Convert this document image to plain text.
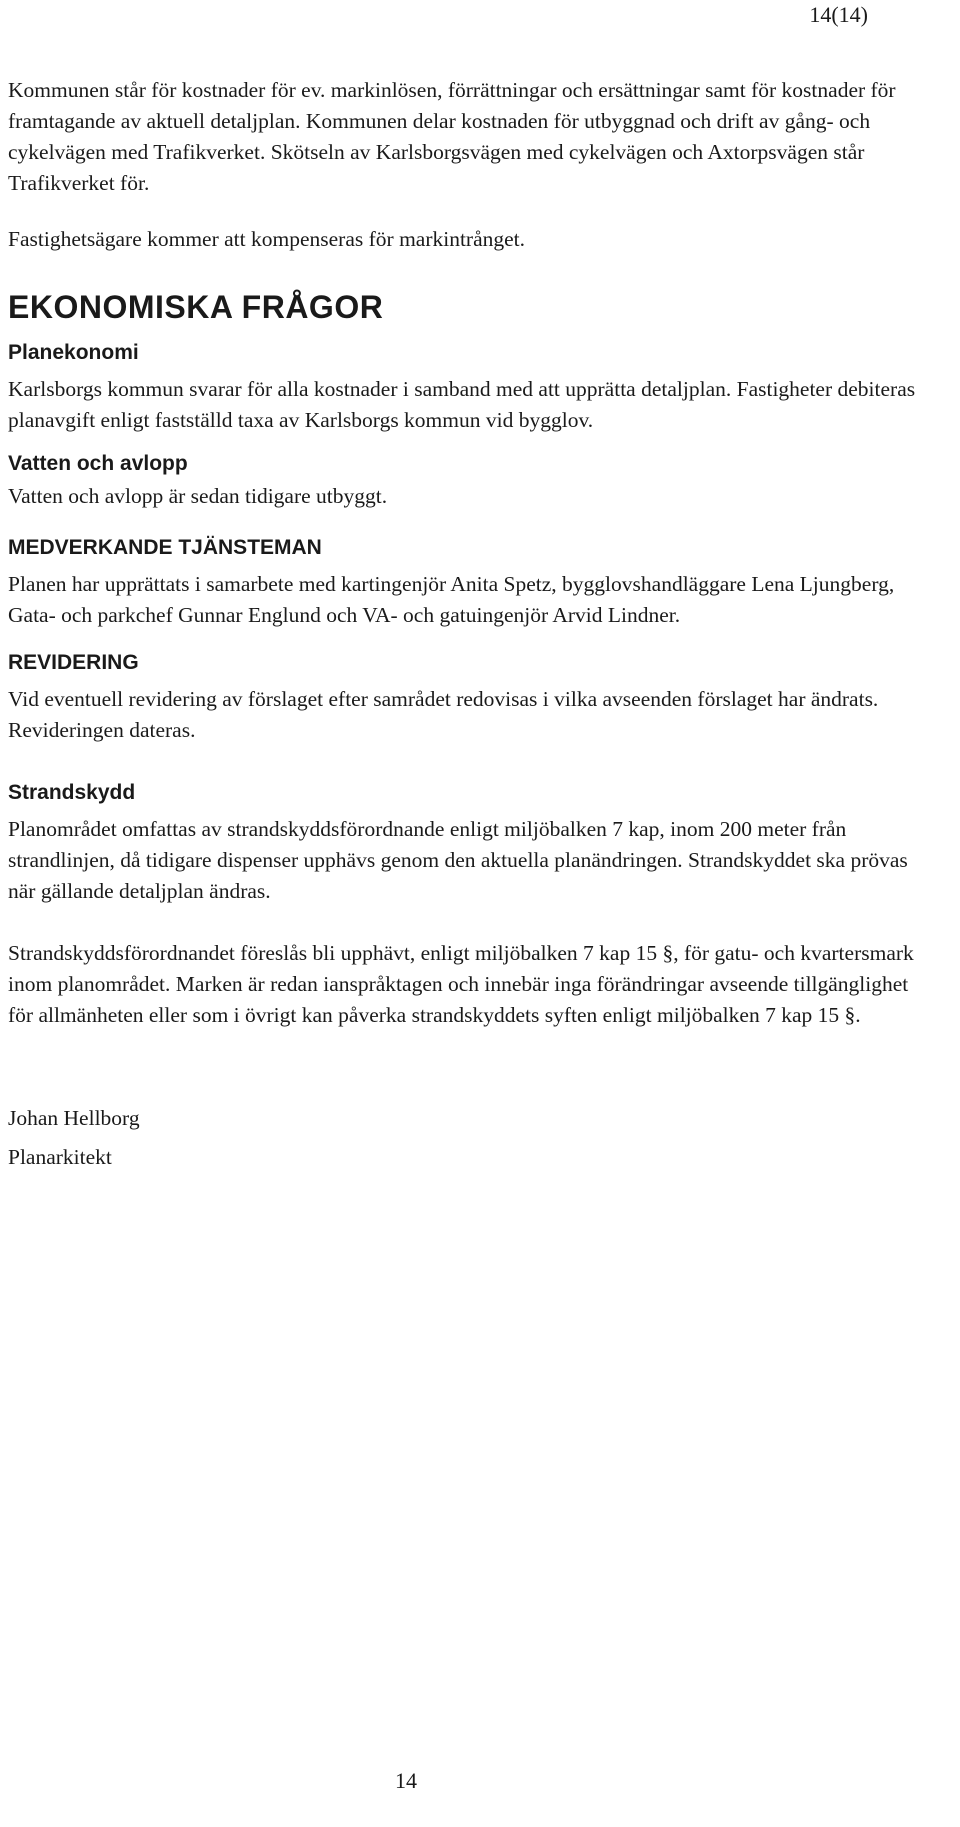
14(14)

Kommunen står för kostnader för ev. markinlösen, förrättningar och ersättningar samt för kostnader för framtagande av aktuell detaljplan. Kommunen delar kostnaden för utbyggnad och drift av gång- och cykelvägen med Trafikverket. Skötseln av Karlsborgsvägen med cykelvägen och Axtorpsvägen står Trafikverket för.

Fastighetsägare kommer att kompenseras för markintrånget.

EKONOMISKA FRÅGOR
Planekonomi

Karlsborgs kommun svarar för alla kostnader i samband med att upprätta detaljplan. Fastigheter debiteras planavgift enligt fastställd taxa av Karlsborgs kommun vid bygglov.

Vatten och avlopp

Vatten och avlopp är sedan tidigare utbyggt.

MEDVERKANDE TJÄNSTEMAN

Planen har upprättats i samarbete med kartingenjör Anita Spetz, bygglovshandläggare Lena Ljungberg, Gata- och parkchef Gunnar Englund och VA- och gatuingenjör Arvid Lindner.

REVIDERING

Vid eventuell revidering av förslaget efter samrådet redovisas i vilka avseenden förslaget har ändrats. Revideringen dateras.

Strandskydd

Planområdet omfattas av strandskyddsförordnande enligt miljöbalken 7 kap, inom 200 meter från strandlinjen, då tidigare dispenser upphävs genom den aktuella planändringen. Strandskyddet ska prövas när gällande detaljplan ändras.

Strandskyddsförordnandet föreslås bli upphävt, enligt miljöbalken 7 kap 15 §, för gatu- och kvartersmark inom planområdet. Marken är redan ianspråktagen och innebär inga förändringar avseende tillgänglighet för allmänheten eller som i övrigt kan påverka strandskyddets syften enligt miljöbalken 7 kap 15 §.

Johan Hellborg

Planarkitekt

14
